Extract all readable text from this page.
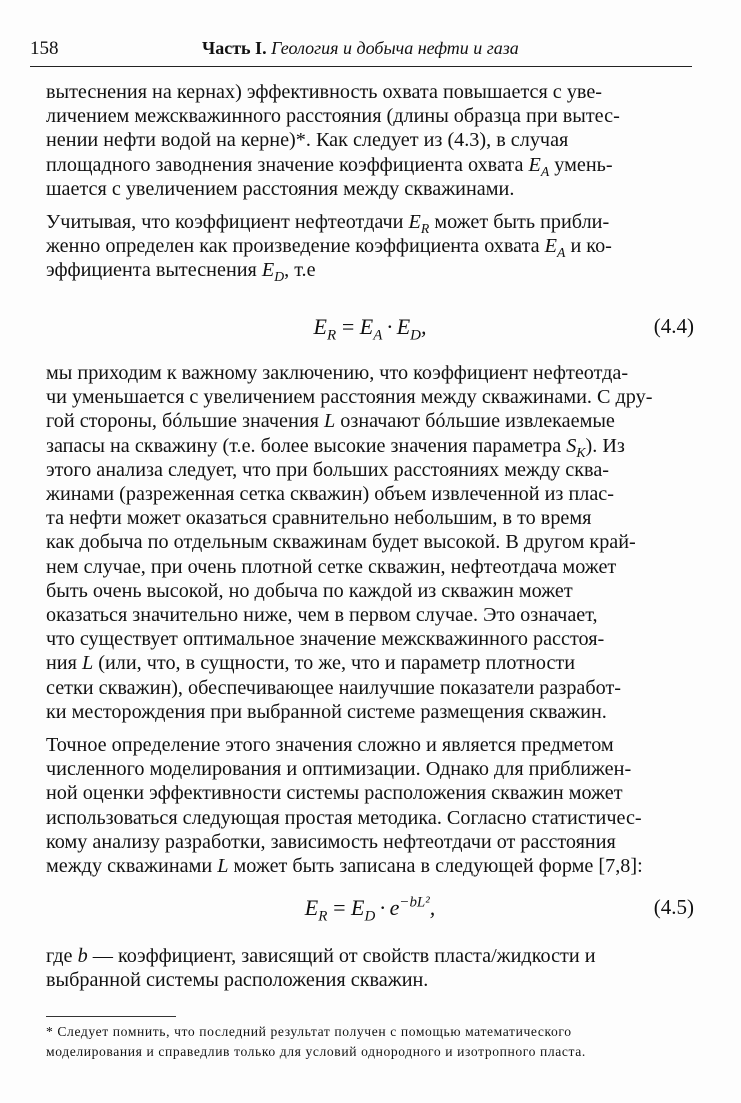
158	Часть I. Геология и добыча нефти и газа
вытеснения на кернах) эффективность охвата повышается с уве-
личением межскважинного расстояния (длины образца при вытес-
нении нефти водой на керне)*. Как следует из (4.3), в случая
площадного заводнения значение коэффициента охвата $E_A$ умень-
шается с увеличением расстояния между скважинами.
Учитывая, что коэффициент нефтеотдачи $E_R$ может быть прибли-
женно определен как произведение коэффициента охвата $E_A$ и ко-
эффициента вытеснения $E_D$, т.е
$E_R = E_A \cdot E_D$,	(4.4)
мы приходим к важному заключению, что коэффициент нефтеотда-
чи уменьшается с увеличением расстояния между скважинами. С дру-
гой стороны, бóльшие значения L означают бóльшие извлекаемые
запасы на скважину (т.е. более высокие значения параметра $S_K$). Из
этого анализа следует, что при больших расстояниях между сква-
жинами (разреженная сетка скважин) объем извлеченной из плас-
та нефти может оказаться сравнительно небольшим, в то время
как добыча по отдельным скважинам будет высокой. В другом край-
нем случае, при очень плотной сетке скважин, нефтеотдача может
быть очень высокой, но добыча по каждой из скважин может
оказаться значительно ниже, чем в первом случае. Это означает,
что существует оптимальное значение межскважинного расстоя-
ния L (или, что, в сущности, то же, что и параметр плотности
сетки скважин), обеспечивающее наилучшие показатели разработ-
ки месторождения при выбранной системе размещения скважин.
Точное определение этого значения сложно и является предметом
численного моделирования и оптимизации. Однако для приближен-
ной оценки эффективности системы расположения скважин может
использоваться следующая простая методика. Согласно статистичес-
кому анализу разработки, зависимость нефтеотдачи от расстояния
между скважинами L может быть записана в следующей форме [7,8]:
$E_R = E_D \cdot e^{-bL^2}$,	(4.5)
где b — коэффициент, зависящий от свойств пласта/жидкости и
выбранной системы расположения скважин.
* Следует помнить, что последний результат получен с помощью математического
моделирования и справедлив только для условий однородного и изотропного пласта.
